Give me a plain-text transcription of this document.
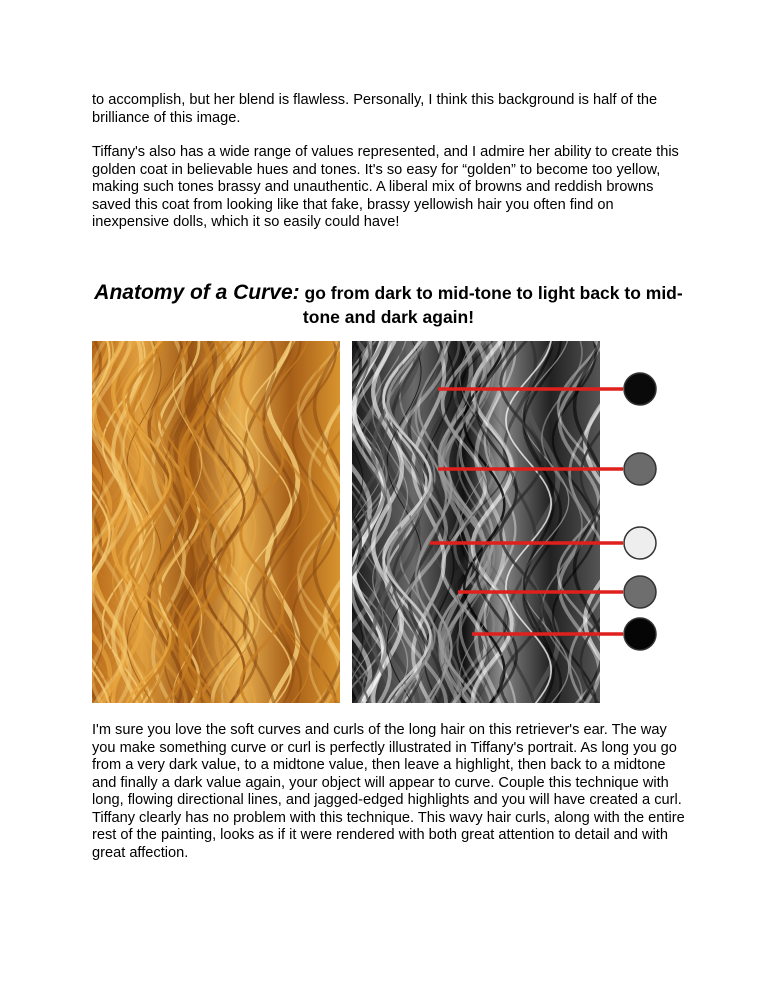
to accomplish, but her blend is flawless. Personally, I think this background is half of the brilliance of this image.

Tiffany's also has a wide range of values represented, and I admire her ability to create this golden coat in believable hues and tones. It's so easy for “golden” to become too yellow, making such tones brassy and unauthentic. A liberal mix of browns and reddish browns saved this coat from looking like that fake, brassy yellowish hair you often find on inexpensive dolls, which it so easily could have!

Anatomy of a Curve: go from dark to mid-tone to light back to mid-tone and dark again!

I'm sure you love the soft curves and curls of the long hair on this retriever's ear. The way you make something curve or curl is perfectly illustrated in Tiffany's portrait. As long you go from a very dark value, to a midtone value, then leave a highlight, then back to a midtone and finally a dark value again, your object will appear to curve. Couple this technique with long, flowing directional lines, and jagged-edged highlights and you will have created a curl. Tiffany clearly has no problem with this technique. This wavy hair curls, along with the entire rest of the painting, looks as if it were rendered with both great attention to detail and with great affection.
